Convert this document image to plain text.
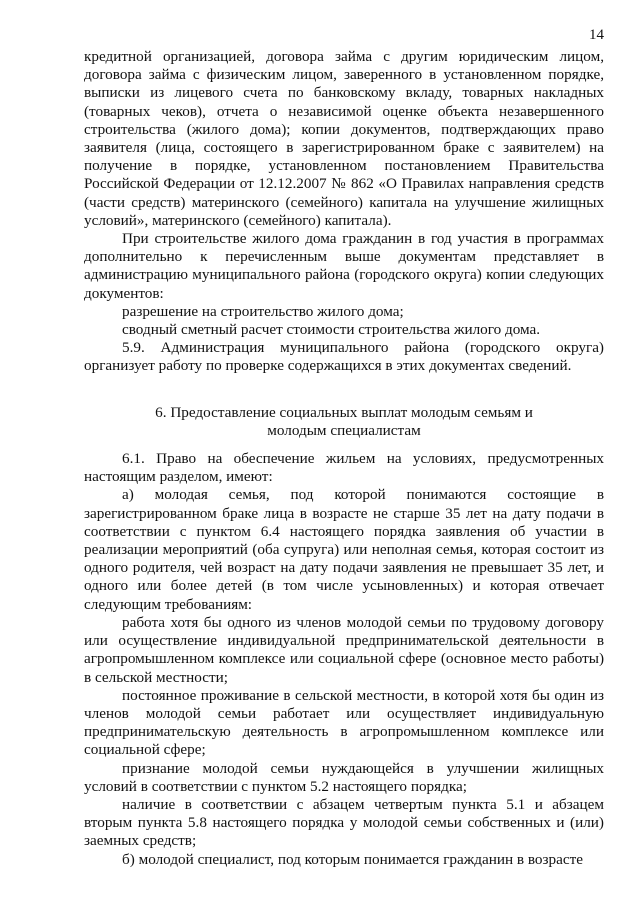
14

кредитной организацией, договора займа с другим юридическим лицом, договора займа с физическим лицом, заверенного в установленном порядке, выписки из лицевого счета по банковскому вкладу, товарных накладных (товарных чеков), отчета о независимой оценке объекта незавершенного строительства (жилого дома); копии документов, подтверждающих право заявителя (лица, состоящего в зарегистрированном браке с заявителем) на получение в порядке, установленном постановлением Правительства Российской Федерации от 12.12.2007 № 862 «О Правилах направления средств (части средств) материнского (семейного) капитала на улучшение жилищных условий», материнского (семейного) капитала).

При строительстве жилого дома гражданин в год участия в программах дополнительно к перечисленным выше документам представляет в администрацию муниципального района (городского округа) копии следующих документов:

разрешение на строительство жилого дома;

сводный сметный расчет стоимости строительства жилого дома.

5.9. Администрация муниципального района (городского округа) организует работу по проверке содержащихся в этих документах сведений.

6. Предоставление социальных выплат молодым семьям и молодым специалистам

6.1. Право на обеспечение жильем на условиях, предусмотренных настоящим разделом, имеют:

а) молодая семья, под которой понимаются состоящие в зарегистрированном браке лица в возрасте не старше 35 лет на дату подачи в соответствии с пунктом 6.4 настоящего порядка заявления об участии в реализации мероприятий (оба супруга) или неполная семья, которая состоит из одного родителя, чей возраст на дату подачи заявления не превышает 35 лет, и одного или более детей (в том числе усыновленных) и которая отвечает следующим требованиям:

работа хотя бы одного из членов молодой семьи по трудовому договору или осуществление индивидуальной предпринимательской деятельности в агропромышленном комплексе или социальной сфере (основное место работы) в сельской местности;

постоянное проживание в сельской местности, в которой хотя бы один из членов молодой семьи работает или осуществляет индивидуальную предпринимательскую деятельность в агропромышленном комплексе или социальной сфере;

признание молодой семьи нуждающейся в улучшении жилищных условий в соответствии с пунктом 5.2 настоящего порядка;

наличие в соответствии с абзацем четвертым пункта 5.1 и абзацем вторым пункта 5.8 настоящего порядка у молодой семьи собственных и (или) заемных средств;

б) молодой специалист, под которым понимается гражданин в возрасте
